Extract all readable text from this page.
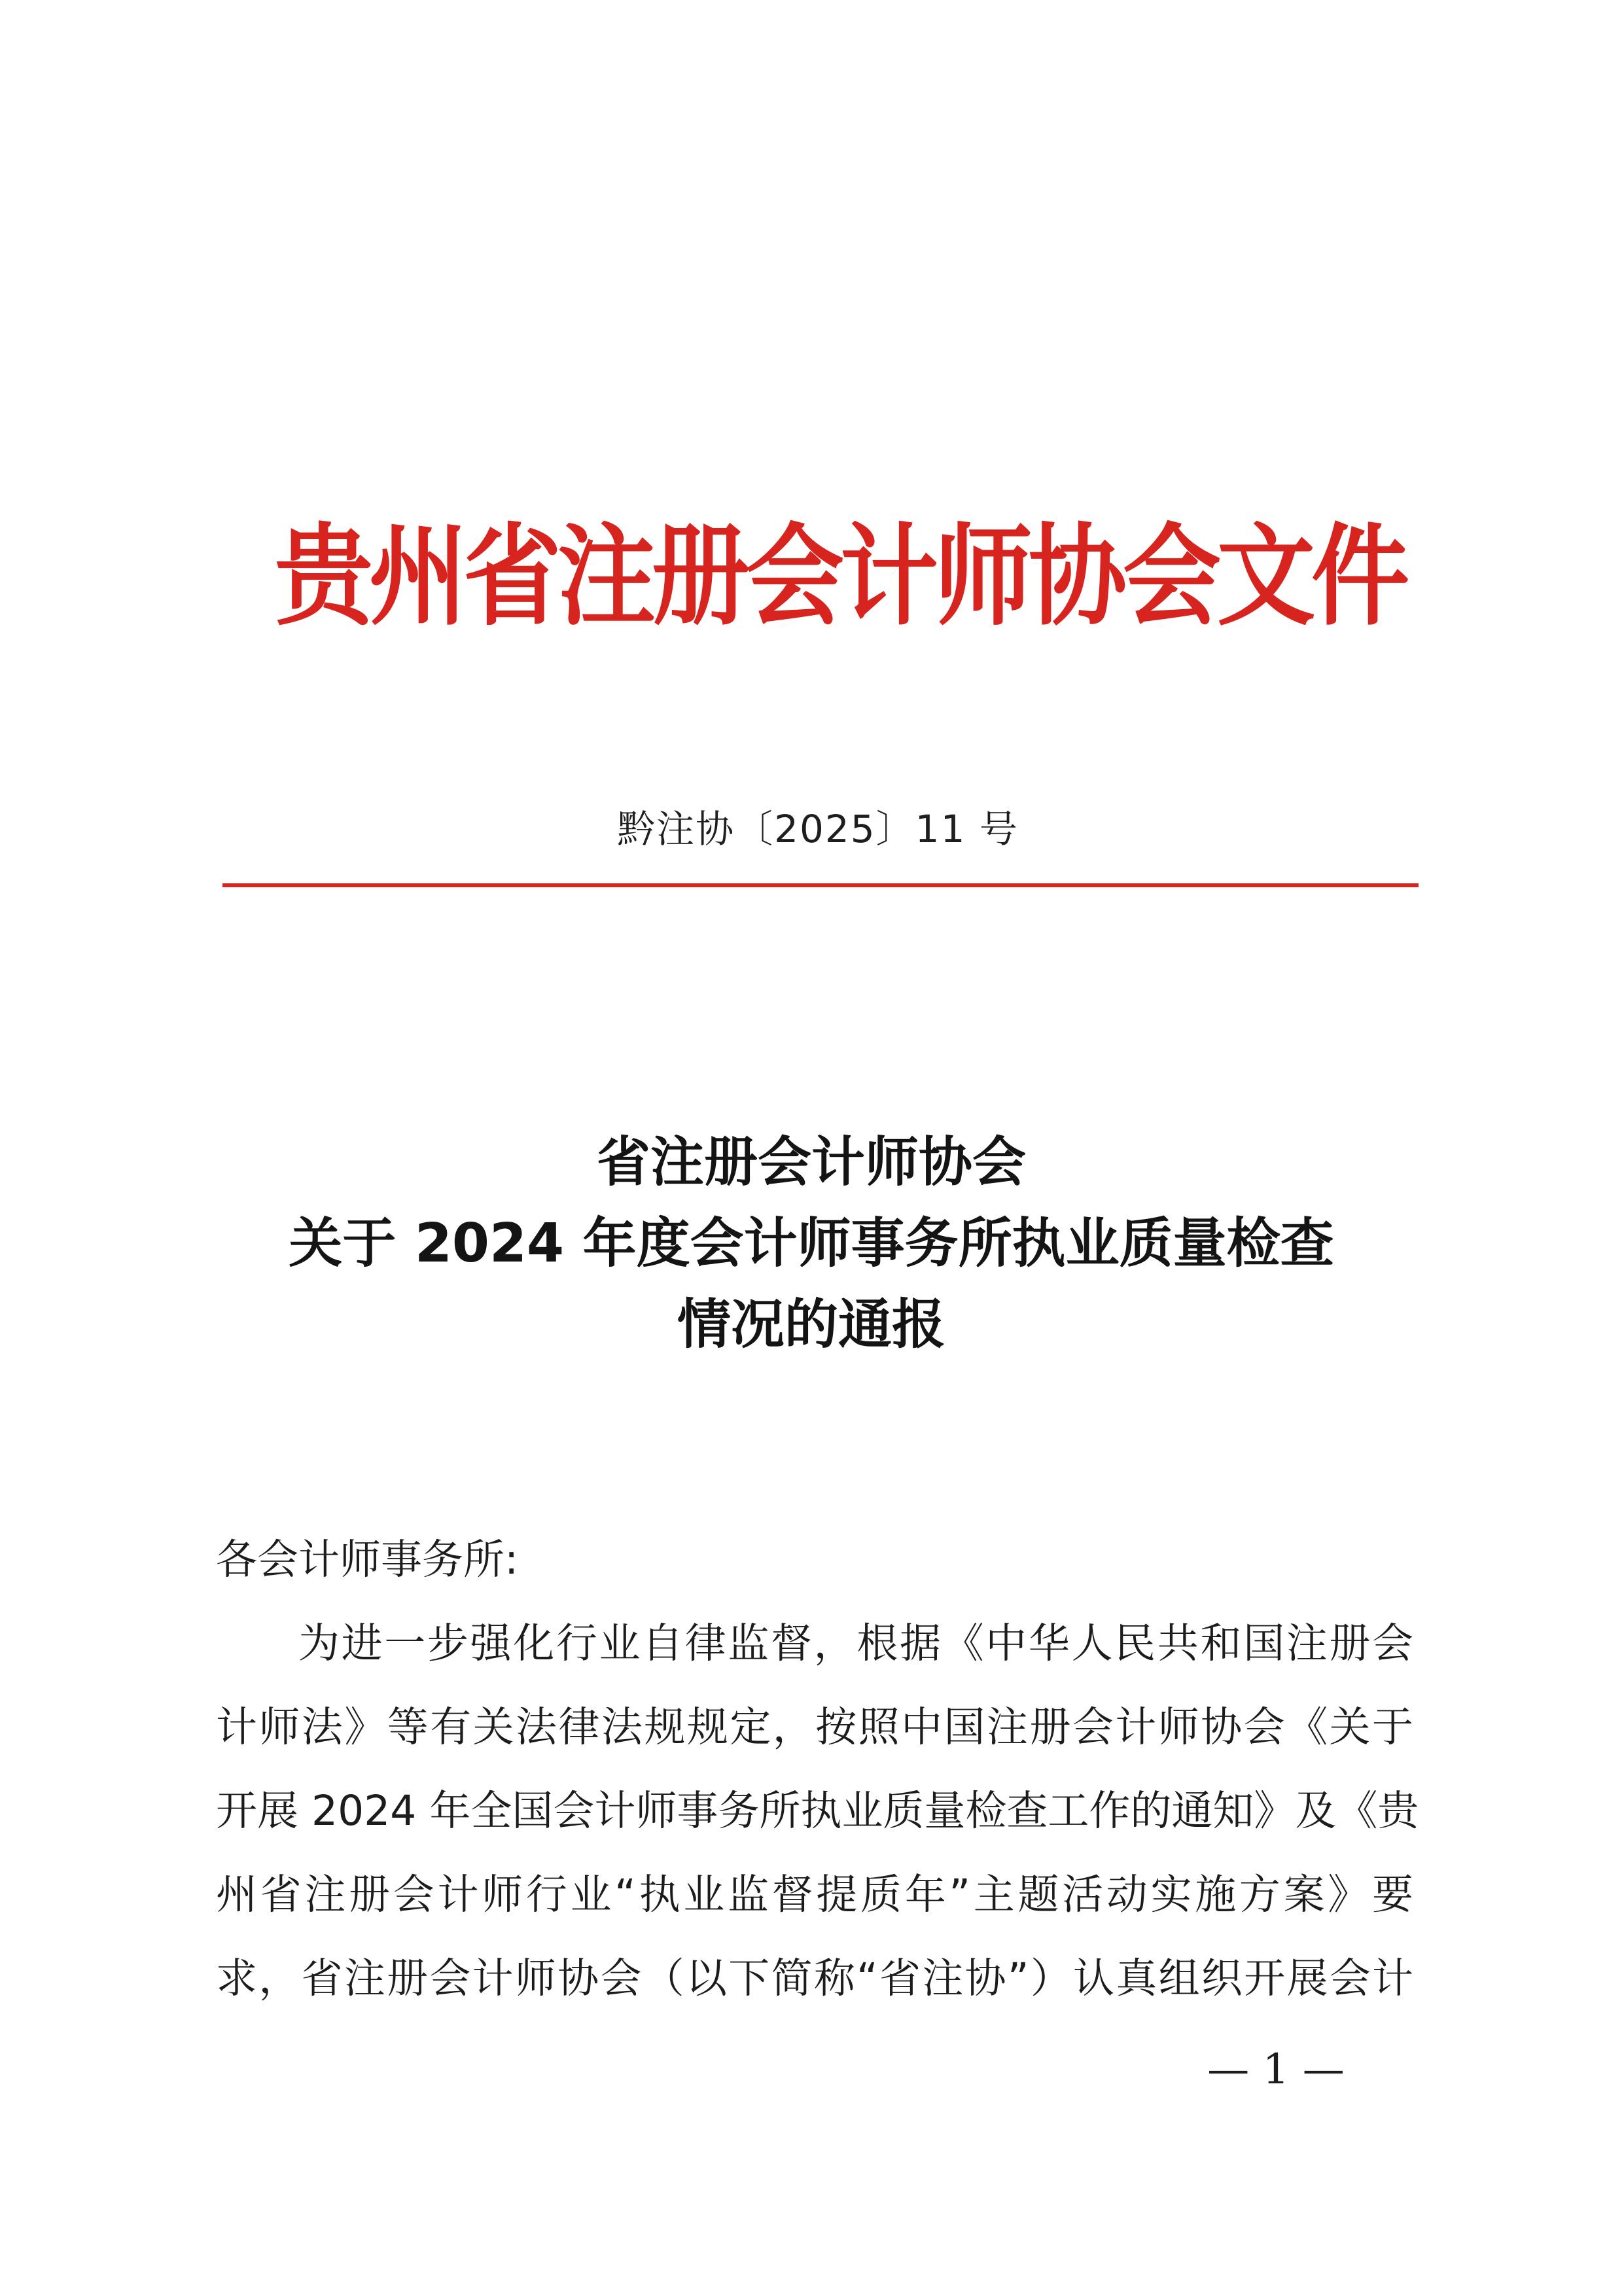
贵州省注册会计师协会文件
黔注协〔2025〕11 号
省注册会计师协会
关于 2024 年度会计师事务所执业质量检查
情况的通报
各会计师事务所:
为进一步强化行业自律监督，根据《中华人民共和国注册会
计师法》等有关法律法规规定，按照中国注册会计师协会《关于
开展 2024 年全国会计师事务所执业质量检查工作的通知》及《贵
州省注册会计师行业“执业监督提质年”主题活动实施方案》要
求，省注册会计师协会（以下简称“省注协”）认真组织开展会计
— 1 —
